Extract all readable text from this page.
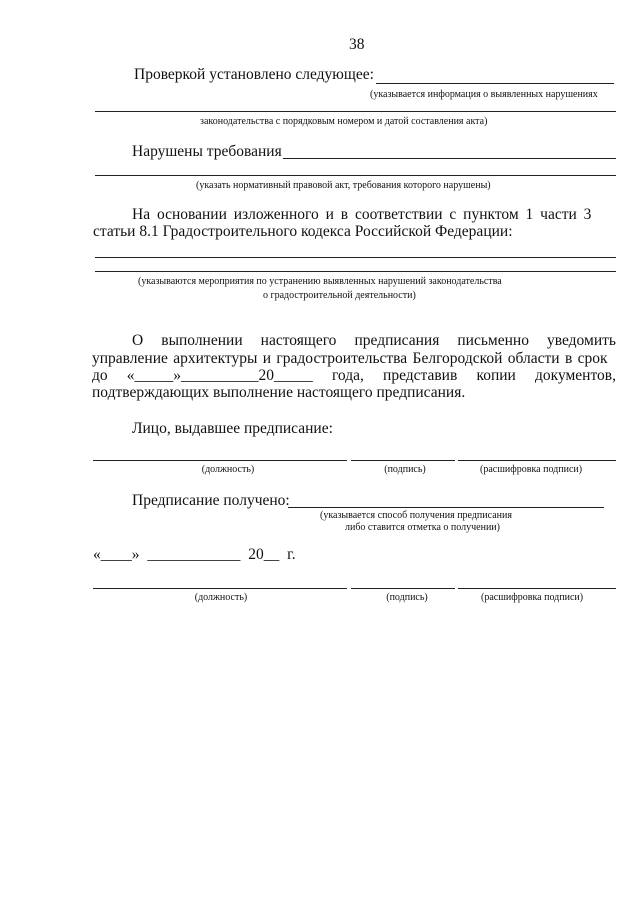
38
Проверкой установлено следующее:
(указывается информация о выявленных нарушениях
законодательства с порядковым номером и датой составления акта)
Нарушены требования
(указать нормативный правовой акт, требования которого нарушены)
На основании изложенного и в соответствии с пунктом 1 части 3
статьи 8.1 Градостроительного кодекса Российской Федерации:
(указываются мероприятия по устранению выявленных нарушений законодательства
о градостроительной деятельности)
О выполнении настоящего предписания письменно уведомить
управление архитектуры и градостроительства Белгородской области в срок
до «_____»__________20_____ года, представив копии документов,
подтверждающих выполнение настоящего предписания.
Лицо, выдавшее предписание:
(должность)	(подпись)	(расшифровка подписи)
Предписание получено:
(указывается способ получения предписания
либо ставится отметка о получении)
«____» ____________ 20__ г.
(должность)	(подпись)	(расшифровка подписи)
